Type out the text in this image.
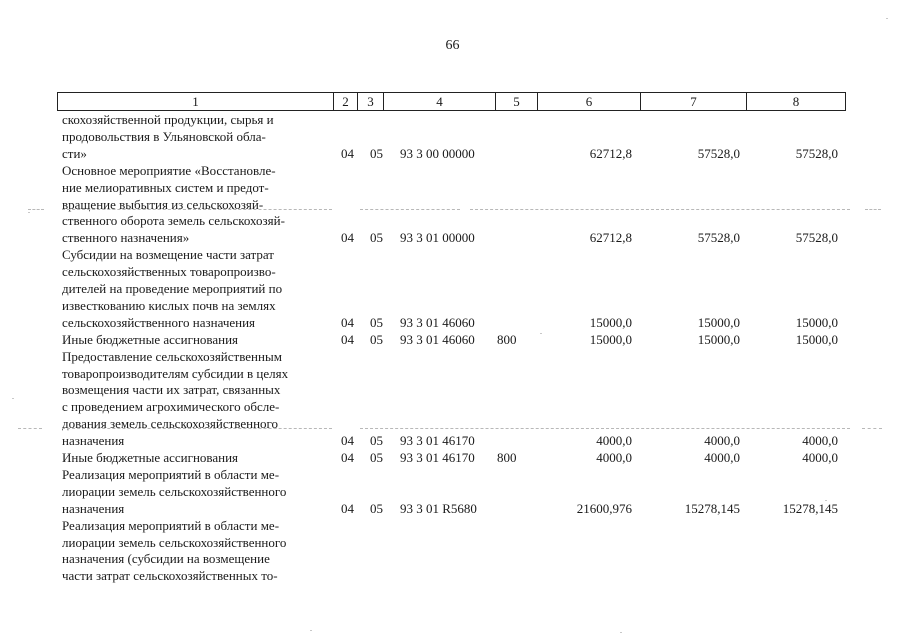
66
1	2	3	4	5	6	7	8
скохозяйственной продукции, сырья и
продовольствия в Ульяновской обла-
сти»	04 05 93 3 00 00000	62712,8	57528,0	57528,0
Основное мероприятие «Восстановле-
ние мелиоративных систем и предот-
вращение выбытия из сельскохозяй-
ственного оборота земель сельскохозяй-
ственного назначения»	04 05 93 3 01 00000	62712,8	57528,0	57528,0
Субсидии на возмещение части затрат
сельскохозяйственных товаропроизво-
дителей на проведение мероприятий по
известкованию кислых почв на землях
сельскохозяйственного назначения	04 05 93 3 01 46060	15000,0	15000,0	15000,0
Иные бюджетные ассигнования	04 05 93 3 01 46060 800	15000,0	15000,0	15000,0
Предоставление сельскохозяйственным
товаропроизводителям субсидии в целях
возмещения части их затрат, связанных
с проведением агрохимического обсле-
дования земель сельскохозяйственного
назначения	04 05 93 3 01 46170	4000,0	4000,0	4000,0
Иные бюджетные ассигнования	04 05 93 3 01 46170 800	4000,0	4000,0	4000,0
Реализация мероприятий в области ме-
лиорации земель сельскохозяйственного
назначения	04 05 93 3 01 R5680	21600,976	15278,145	15278,145
Реализация мероприятий в области ме-
лиорации земель сельскохозяйственного
назначения (субсидии на возмещение
части затрат сельскохозяйственных то-
